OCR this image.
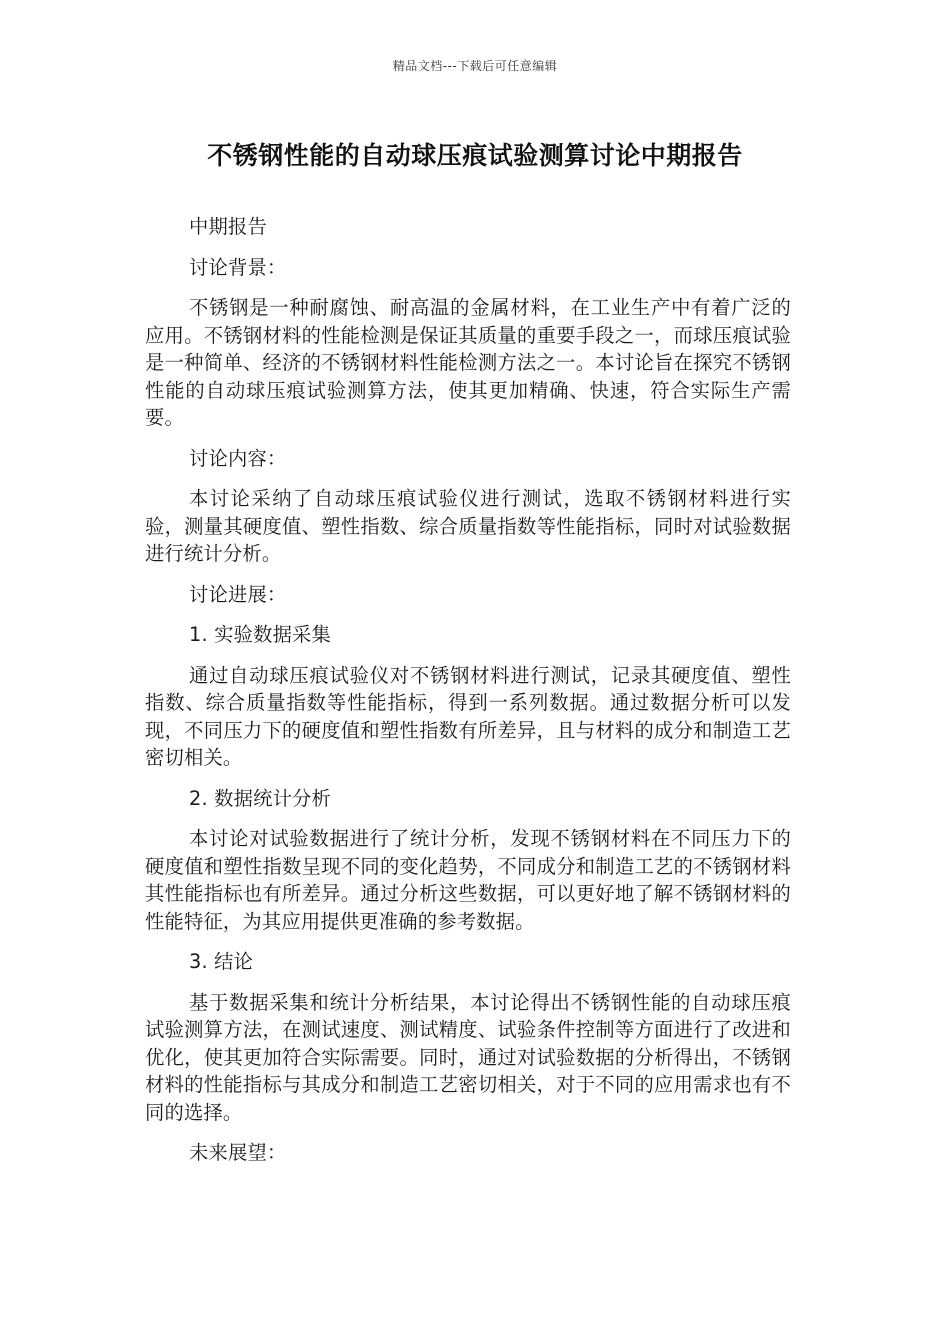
精品文档---下载后可任意编辑
不锈钢性能的自动球压痕试验测算讨论中期报告

中期报告

讨论背景：

不锈钢是一种耐腐蚀、耐高温的金属材料，在工业生产中有着广泛的应用。不锈钢材料的性能检测是保证其质量的重要手段之一，而球压痕试验是一种简单、经济的不锈钢材料性能检测方法之一。本讨论旨在探究不锈钢性能的自动球压痕试验测算方法，使其更加精确、快速，符合实际生产需要。

讨论内容：

本讨论采纳了自动球压痕试验仪进行测试，选取不锈钢材料进行实验，测量其硬度值、塑性指数、综合质量指数等性能指标，同时对试验数据进行统计分析。

讨论进展：

1. 实验数据采集

通过自动球压痕试验仪对不锈钢材料进行测试，记录其硬度值、塑性指数、综合质量指数等性能指标，得到一系列数据。通过数据分析可以发现，不同压力下的硬度值和塑性指数有所差异，且与材料的成分和制造工艺密切相关。

2. 数据统计分析

本讨论对试验数据进行了统计分析，发现不锈钢材料在不同压力下的硬度值和塑性指数呈现不同的变化趋势，不同成分和制造工艺的不锈钢材料其性能指标也有所差异。通过分析这些数据，可以更好地了解不锈钢材料的性能特征，为其应用提供更准确的参考数据。

3. 结论

基于数据采集和统计分析结果，本讨论得出不锈钢性能的自动球压痕试验测算方法，在测试速度、测试精度、试验条件控制等方面进行了改进和优化，使其更加符合实际需要。同时，通过对试验数据的分析得出，不锈钢材料的性能指标与其成分和制造工艺密切相关，对于不同的应用需求也有不同的选择。

未来展望：
